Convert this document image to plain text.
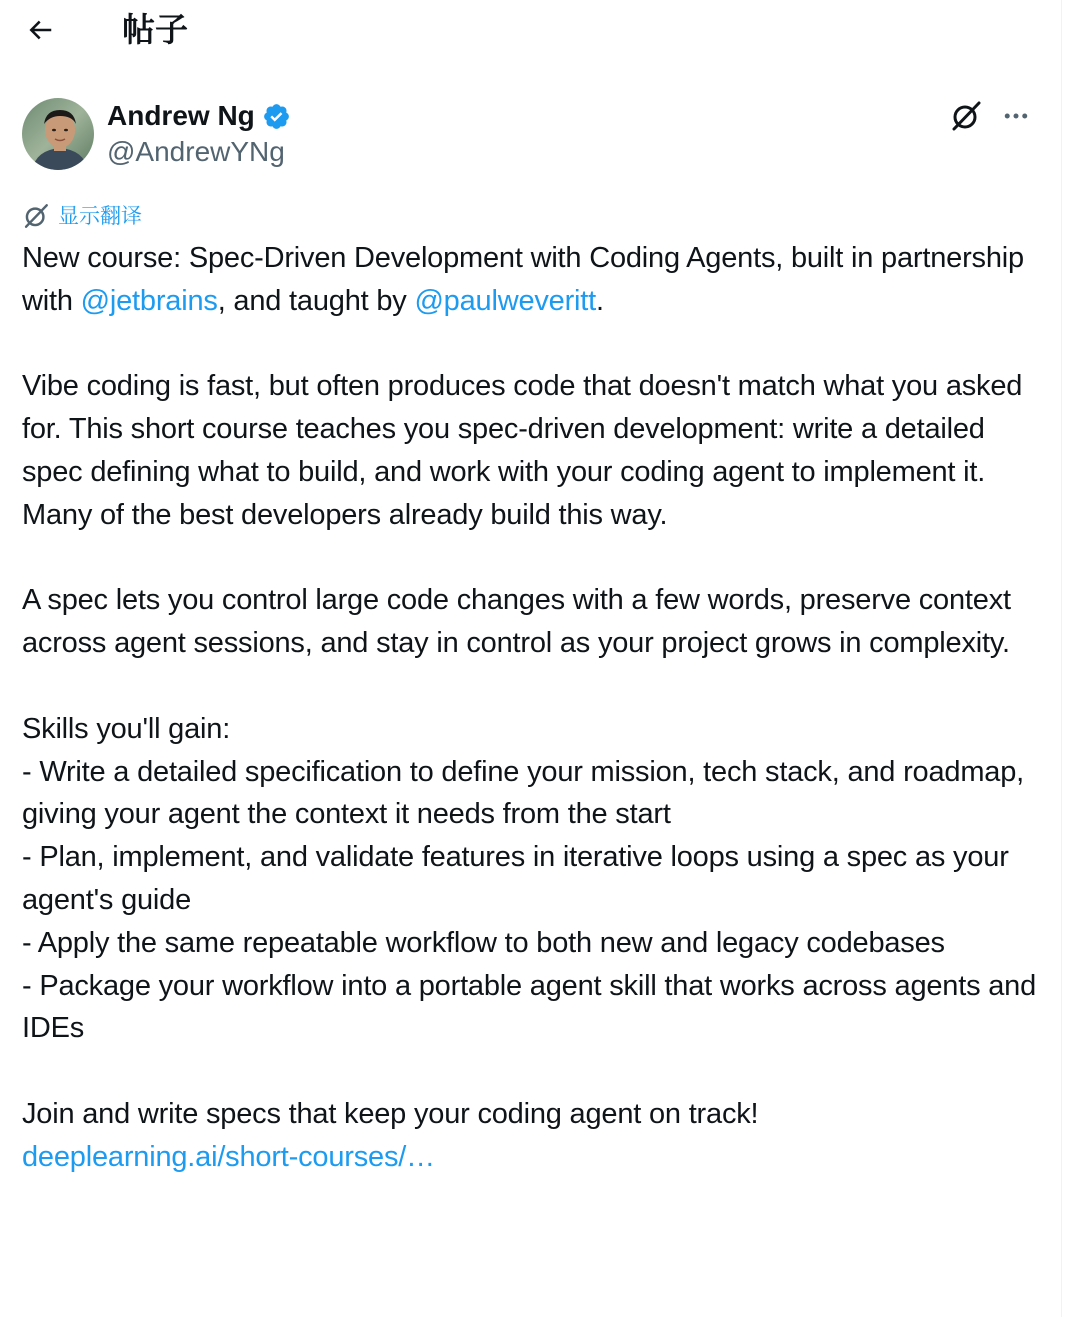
帖子
Andrew Ng
@AndrewYNg
显示翻译

New course: Spec-Driven Development with Coding Agents, built in partnership with @jetbrains, and taught by @paulweveritt.

Vibe coding is fast, but often produces code that doesn't match what you asked for. This short course teaches you spec-driven development: write a detailed spec defining what to build, and work with your coding agent to implement it. Many of the best developers already build this way.

A spec lets you control large code changes with a few words, preserve context across agent sessions, and stay in control as your project grows in complexity.

Skills you'll gain:
- Write a detailed specification to define your mission, tech stack, and roadmap, giving your agent the context it needs from the start
- Plan, implement, and validate features in iterative loops using a spec as your agent's guide
- Apply the same repeatable workflow to both new and legacy codebases
- Package your workflow into a portable agent skill that works across agents and IDEs

Join and write specs that keep your coding agent on track!
deeplearning.ai/short-courses/…
